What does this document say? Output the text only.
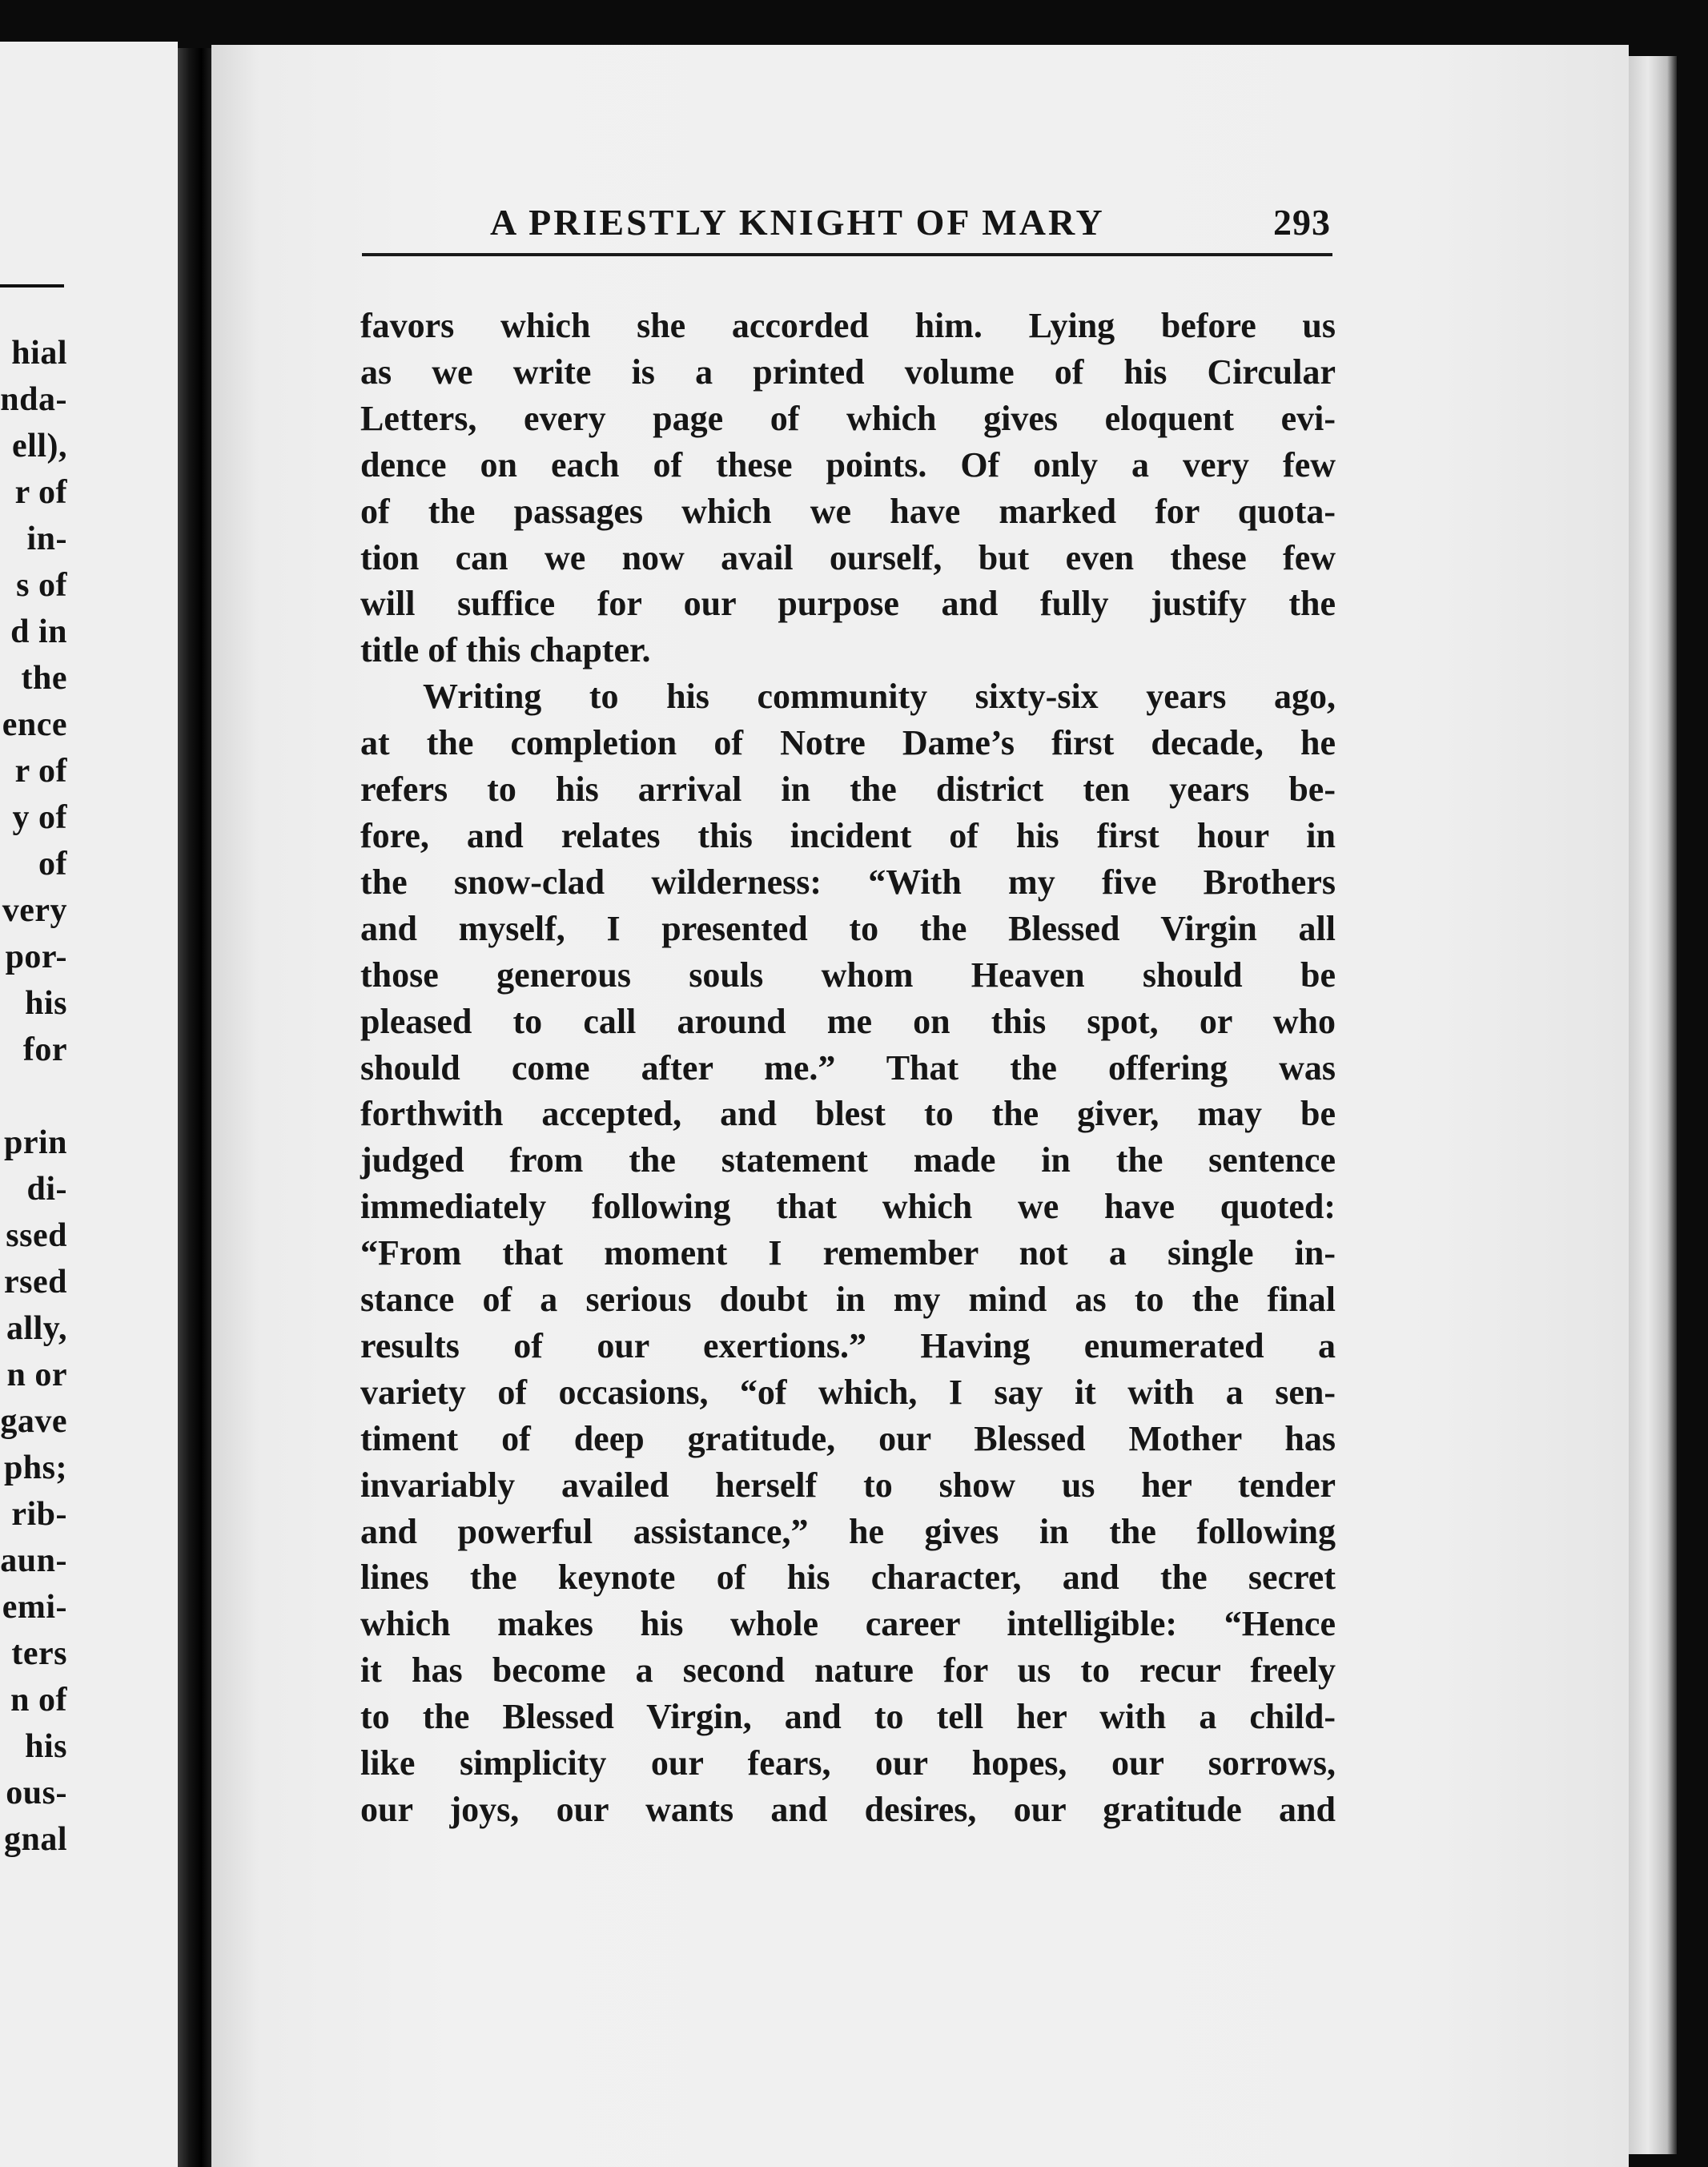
hial
nda-
ell),
r of
in-
s of
d in
the
ence
r of
y of
of
very
por-
his
for
prin
di-
ssed
rsed
ally,
n or
gave
phs;
rib-
aun-
emi-
ters
n of
his
ous-
gnal
A PRIESTLY KNIGHT OF MARY	293
favors which she accorded him. Lying before us
as we write is a printed volume of his Circular
Letters, every page of which gives eloquent evi-
dence on each of these points. Of only a very few
of the passages which we have marked for quota-
tion can we now avail ourself, but even these few
will suffice for our purpose and fully justify the
title of this chapter.
Writing to his community sixty-six years ago,
at the completion of Notre Dame’s first decade, he
refers to his arrival in the district ten years be-
fore, and relates this incident of his first hour in
the snow-clad wilderness: “With my five Brothers
and myself, I presented to the Blessed Virgin all
those generous souls whom Heaven should be
pleased to call around me on this spot, or who
should come after me.” That the offering was
forthwith accepted, and blest to the giver, may be
judged from the statement made in the sentence
immediately following that which we have quoted:
“From that moment I remember not a single in-
stance of a serious doubt in my mind as to the final
results of our exertions.” Having enumerated a
variety of occasions, “of which, I say it with a sen-
timent of deep gratitude, our Blessed Mother has
invariably availed herself to show us her tender
and powerful assistance,” he gives in the following
lines the keynote of his character, and the secret
which makes his whole career intelligible: “Hence
it has become a second nature for us to recur freely
to the Blessed Virgin, and to tell her with a child-
like simplicity our fears, our hopes, our sorrows,
our joys, our wants and desires, our gratitude and
